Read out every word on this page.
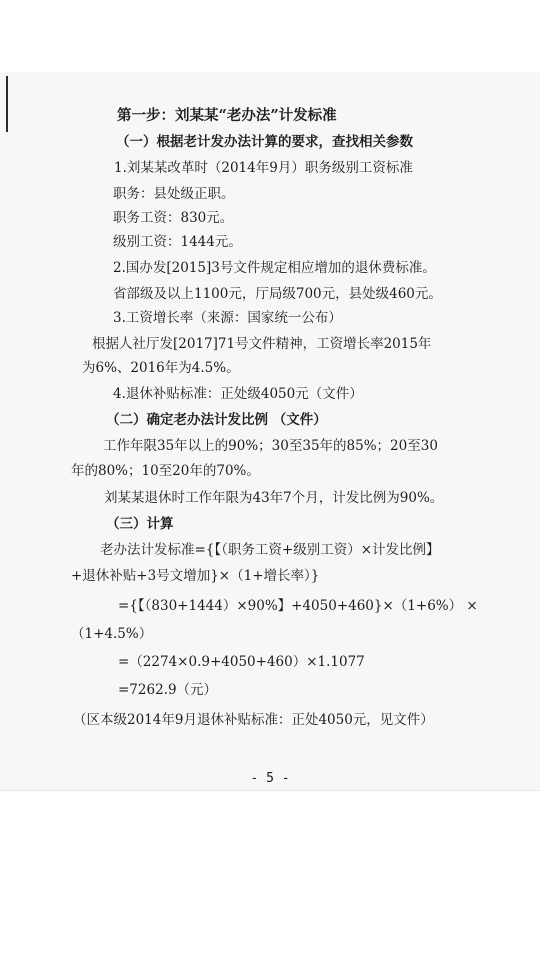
第一步：刘某某“老办法”计发标准
（一）根据老计发办法计算的要求，查找相关参数
1.刘某某改革时（2014年9月）职务级别工资标准
职务：县处级正职。
职务工资：830元。
级别工资：1444元。
2.国办发[2015]3号文件规定相应增加的退休费标准。
省部级及以上1100元，厅局级700元，县处级460元。
3.工资增长率（来源：国家统一公布）
根据人社厅发[2017]71号文件精神，工资增长率2015年
为6%、2016年为4.5%。
4.退休补贴标准：正处级4050元（文件）
（二）确定老办法计发比例 （文件）
工作年限35年以上的90%；30至35年的85%；20至30
年的80%；10至20年的70%。
刘某某退休时工作年限为43年7个月，计发比例为90%。
（三）计算
老办法计发标准={【（职务工资+级别工资）×计发比例】
+退休补贴+3号文增加}×（1+增长率）}
={【（830+1444）×90%】+4050+460}×（1+6%） ×
（1+4.5%）
=（2274×0.9+4050+460）×1.1077
=7262.9（元）
（区本级2014年9月退休补贴标准：正处4050元，见文件）
- 5 -
